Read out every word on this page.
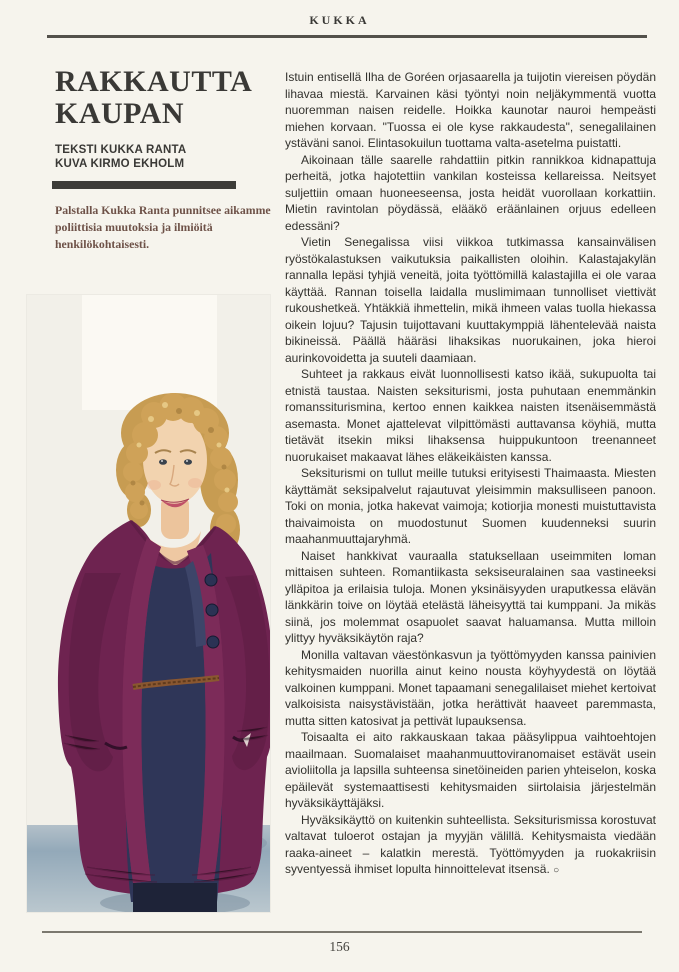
KUKKA
RAKKAUTTA
KAUPAN
TEKSTI KUKKA RANTA
KUVA KIRMO EKHOLM

Palstalla Kukka Ranta punnitsee aikamme poliittisia muutoksia ja ilmiöitä henkilökohtaisesti.

Istuin entisellä Ilha de Goréen orjasaarella ja tuijotin viereisen pöydän lihavaa miestä. Karvainen käsi työntyi noin neljäkymmentä vuotta nuoremman naisen reidelle. Hoikka kaunotar nauroi hempeästi miehen korvaan. "Tuossa ei ole kyse rakkaudesta", senegalilainen ystäväni sanoi. Elintasokuilun tuottama valta-asetelma puistatti.

Aikoinaan tälle saarelle rahdattiin pitkin rannikkoa kidnapattuja perheitä, jotka hajotettiin vankilan kosteissa kellareissa. Neitsyet suljettiin omaan huoneeseensa, josta heidät vuorollaan korkattiin. Mietin ravintolan pöydässä, elääkö eräänlainen orjuus edelleen edessäni?

Vietin Senegalissa viisi viikkoa tutkimassa kansainvälisen ryöstökalastuksen vaikutuksia paikallisten oloihin. Kalastajakylän rannalla lepäsi tyhjiä veneitä, joita työttömillä kalastajilla ei ole varaa käyttää. Rannan toisella laidalla muslimimaan tunnolliset viettivät rukoushetkeä. Yhtäkkiä ihmettelin, mikä ihmeen valas tuolla hiekassa oikein lojuu? Tajusin tuijottavani kuuttakymppiä lähentelevää naista bikineissä. Päällä hääräsi lihaksikas nuorukainen, joka hieroi aurinkovoidetta ja suuteli daamiaan.

Suhteet ja rakkaus eivät luonnollisesti katso ikää, sukupuolta tai etnistä taustaa. Naisten seksiturismi, josta puhutaan enemmänkin romanssiturismina, kertoo ennen kaikkea naisten itsenäisemmästä asemasta. Monet ajattelevat vilpittömästi auttavansa köyhiä, mutta tietävät itsekin miksi lihaksensa huippukuntoon treenanneet nuorukaiset makaavat lähes eläkeikäisten kanssa.

Seksiturismi on tullut meille tutuksi erityisesti Thaimaasta. Miesten käyttämät seksipalvelut rajautuvat yleisimmin maksulliseen panoon. Toki on monia, jotka hakevat vaimoja; kotiorjia monesti muistuttavista thaivaimoista on muodostunut Suomen kuudenneksi suurin maahanmuuttajaryhmä.

Naiset hankkivat vauraalla statuksellaan useimmiten loman mittaisen suhteen. Romantiikasta seksiseuralainen saa vastineeksi ylläpitoa ja erilaisia tuloja. Monen yksinäisyyden uraputkessa elävän länkkärin toive on löytää etelästä läheisyyttä tai kumppani. Ja mikäs siinä, jos molemmat osapuolet saavat haluamansa. Mutta milloin ylittyy hyväksikäytön raja?

Monilla valtavan väestönkasvun ja työttömyyden kanssa painivien kehitysmaiden nuorilla ainut keino nousta köyhyydestä on löytää valkoinen kumppani. Monet tapaamani senegalilaiset miehet kertoivat valkoisista naisystävistään, jotka herättivät haaveet paremmasta, mutta sitten katosivat ja pettivät lupauksensa.

Toisaalta ei aito rakkauskaan takaa pääsylippua vaihtoehtojen maailmaan. Suomalaiset maahanmuuttoviranomaiset estävät usein avioliitolla ja lapsilla suhteensa sinetöineiden parien yhteiselon, koska epäilevät systemaattisesti kehitysmaiden siirtolaisia järjestelmän hyväksikäyttäjäksi.

Hyväksikäyttö on kuitenkin suhteellista. Seksiturismissa korostuvat valtavat tuloerot ostajan ja myyjän välillä. Kehitysmaista viedään raaka-aineet – kalatkin merestä. Työttömyyden ja ruokakriisin syventyessä ihmiset lopulta hinnoittelevat itsensä. ○

156
